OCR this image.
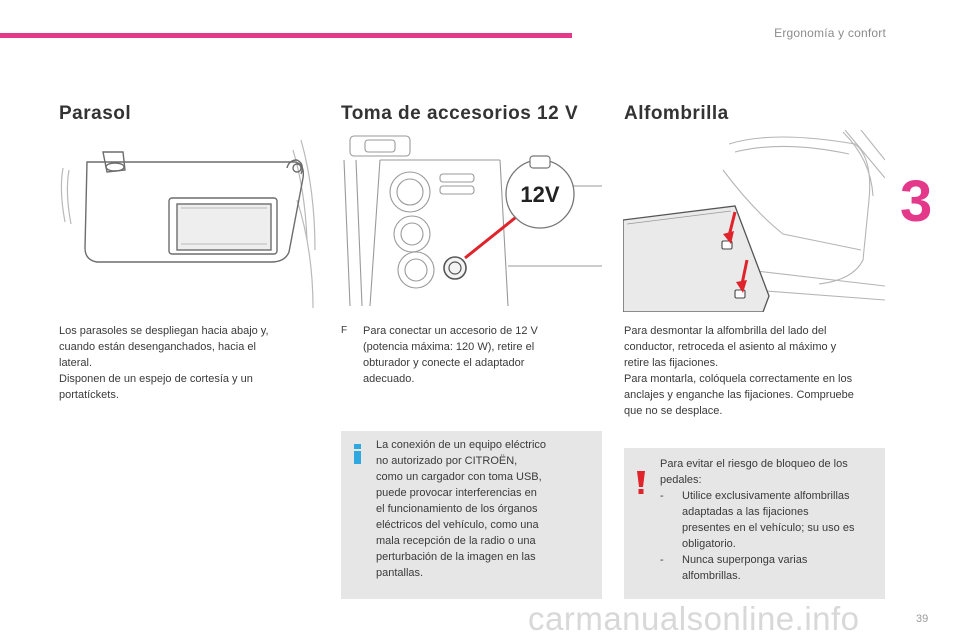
Ergonomía y confort
3
Parasol

Los parasoles se despliegan hacia abajo y,

cuando están desenganchados, hacia el

lateral.

Disponen de un espejo de cortesía y un

portatíckets.

Toma de accesorios 12 V
12V
F	Para conectar un accesorio de 12 V

(potencia máxima: 120 W), retire el

obturador y conecte el adaptador

adecuado.

La conexión de un equipo eléctrico
no autorizado por CITROËN,
como un cargador con toma USB,
puede provocar interferencias en
el funcionamiento de los órganos
eléctricos del vehículo, como una
mala recepción de la radio o una
perturbación de la imagen en las
pantallas.
Alfombrilla

Para desmontar la alfombrilla del lado del

conductor, retroceda el asiento al máximo y

retire las fijaciones.

Para montarla, colóquela correctamente en los

anclajes y enganche las fijaciones. Compruebe

que no se desplace.

Para evitar el riesgo de bloqueo de los
pedales:
-	Utilice exclusivamente alfombrillas
adaptadas a las fijaciones
presentes en el vehículo; su uso es
obligatorio.
-	Nunca superponga varias
alfombrillas.
carmanualsonline.info	39
